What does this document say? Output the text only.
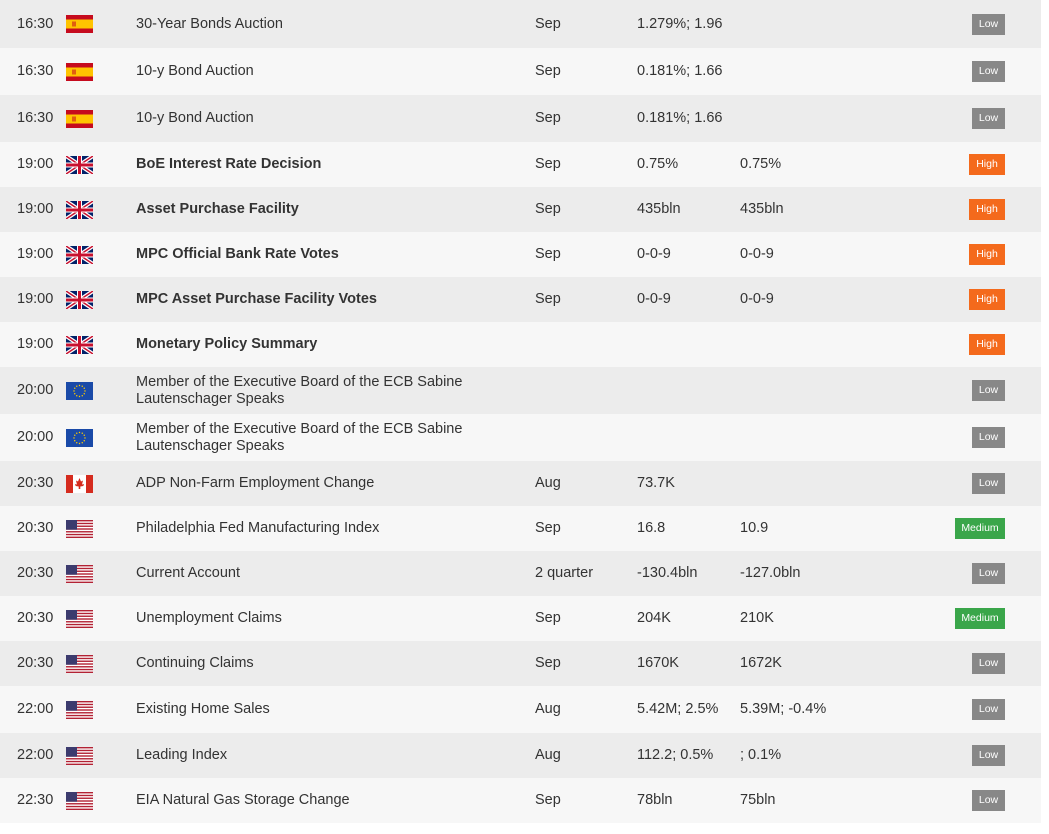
16:30		30-Year Bonds Auction	Sep	1.279%; 1.96		Low
16:30		10-y Bond Auction	Sep	0.181%; 1.66		Low
16:30		10-y Bond Auction	Sep	0.181%; 1.66		Low
19:00		BoE Interest Rate Decision	Sep	0.75%	0.75%	High
19:00		Asset Purchase Facility	Sep	435bln	435bln	High
19:00		MPC Official Bank Rate Votes	Sep	0-0-9	0-0-9	High
19:00		MPC Asset Purchase Facility Votes	Sep	0-0-9	0-0-9	High
19:00		Monetary Policy Summary				High
20:00		Member of the Executive Board of the ECB Sabine Lautenschager Speaks				Low
20:00		Member of the Executive Board of the ECB Sabine Lautenschager Speaks				Low
20:30		ADP Non-Farm Employment Change	Aug	73.7K		Low
20:30		Philadelphia Fed Manufacturing Index	Sep	16.8	10.9	Medium
20:30		Current Account	2 quarter	-130.4bln	-127.0bln	Low
20:30		Unemployment Claims	Sep	204K	210K	Medium
20:30		Continuing Claims	Sep	1670K	1672K	Low
22:00		Existing Home Sales	Aug	5.42M; 2.5%	5.39M; -0.4%	Low
22:00		Leading Index	Aug	112.2; 0.5%	; 0.1%	Low
22:30		EIA Natural Gas Storage Change	Sep	78bln	75bln	Low
